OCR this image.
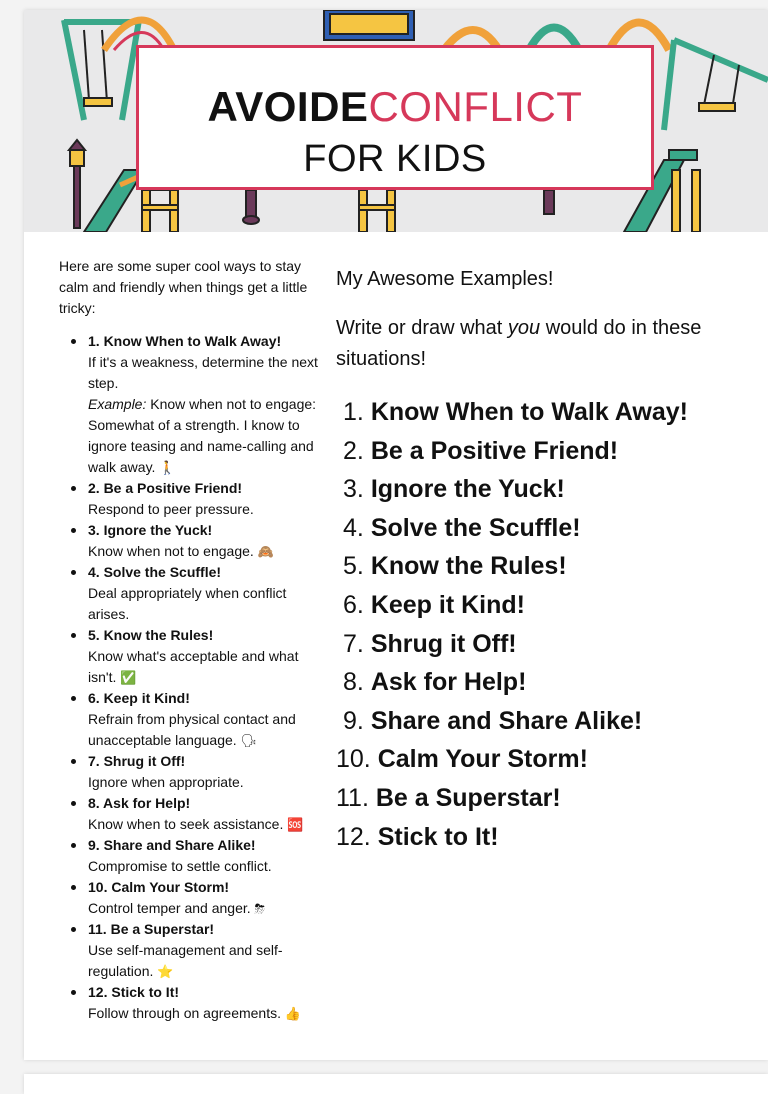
AVOIDECONFLICT
FOR KIDS

Here are some super cool ways to stay calm and friendly when things get a little tricky:

1. Know When to Walk Away!
If it's a weakness, determine the next step.
Example: Know when not to engage: Somewhat of a strength. I know to ignore teasing and name-calling and walk away. 🚶
2. Be a Positive Friend!
Respond to peer pressure.
3. Ignore the Yuck!
Know when not to engage. 🙈
4. Solve the Scuffle!
Deal appropriately when conflict arises.
5. Know the Rules!
Know what's acceptable and what isn't. ✅
6. Keep it Kind!
Refrain from physical contact and unacceptable language. 🗣
7. Shrug it Off!
Ignore when appropriate.
8. Ask for Help!
Know when to seek assistance. 🆘
9. Share and Share Alike!
Compromise to settle conflict.
10. Calm Your Storm!
Control temper and anger. ⛈
11. Be a Superstar!
Use self-management and self-regulation. ⭐
12. Stick to It!
Follow through on agreements. 👍

My Awesome Examples!

Write or draw what you would do in these situations!

1. Know When to Walk Away!
2. Be a Positive Friend!
3. Ignore the Yuck!
4. Solve the Scuffle!
5. Know the Rules!
6. Keep it Kind!
7. Shrug it Off!
8. Ask for Help!
9. Share and Share Alike!
10. Calm Your Storm!
11. Be a Superstar!
12. Stick to It!
